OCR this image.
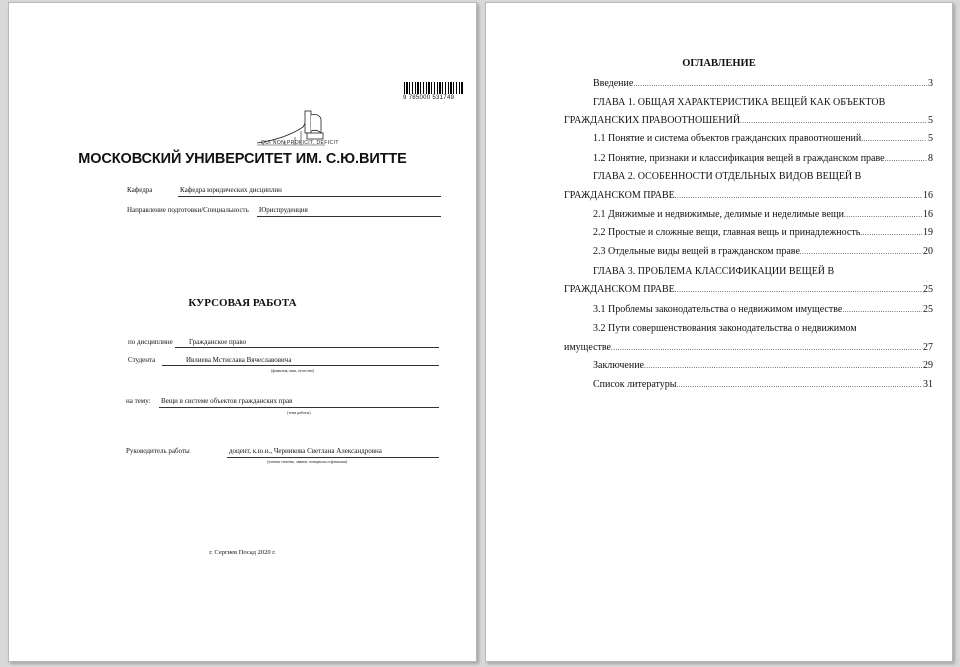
9 785000 531749
QUI NON PROFICIT, DEFICIT
МОСКОВСКИЙ УНИВЕРСИТЕТ ИМ. С.Ю.ВИТТЕ
Кафедра	Кафедра юридических дисциплин
Направление подготовки/Специальность Юриспруденция
КУРСОВАЯ РАБОТА
по дисциплине Гражданское право
Студента	Ивлиева Мстислава Вячеславовича
(фамилия, имя, отчество)
на тему: Вещи в системе объектов гражданских прав
(тема работы)
Руководитель работы	доцент, к.ю.н., Черникова Светлана Александровна
(ученая степень, звание, инициалы и фамилия)
г. Сергиев Посад 2020 г.
ОГЛАВЛЕНИЕ
Введение .....	3
ГЛАВА 1. ОБЩАЯ ХАРАКТЕРИСТИКА ВЕЩЕЙ КАК ОБЪЕКТОВ
ГРАЖДАНСКИХ ПРАВООТНОШЕНИЙ .....	5
1.1 Понятие и система объектов гражданских правоотношений .....	5
1.2 Понятие, признаки и классификация вещей в гражданском праве .....	8
ГЛАВА 2. ОСОБЕННОСТИ ОТДЕЛЬНЫХ ВИДОВ ВЕЩЕЙ В
ГРАЖДАНСКОМ ПРАВЕ .....	16
2.1 Движимые и недвижимые, делимые и неделимые вещи .....	16
2.2 Простые и сложные вещи, главная вещь и принадлежность .....	19
2.3 Отдельные виды вещей в гражданском праве .....	20
ГЛАВА 3. ПРОБЛЕМА КЛАССИФИКАЦИИ ВЕЩЕЙ В
ГРАЖДАНСКОМ ПРАВЕ .....	25
3.1 Проблемы законодательства о недвижимом имуществе .....	25
3.2 Пути совершенствования законодательства о недвижимом
имуществе .....	27
Заключение .....	29
Список литературы .....	31
